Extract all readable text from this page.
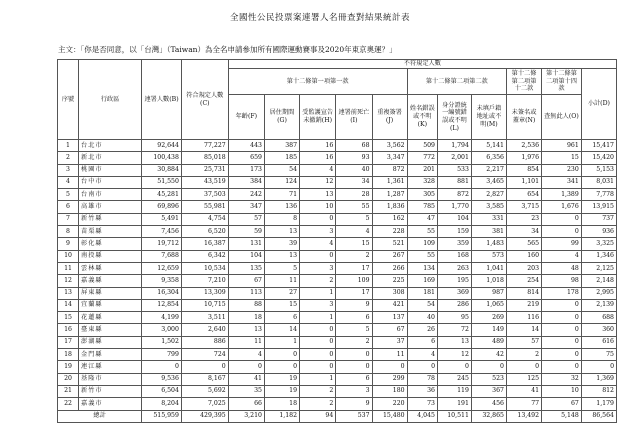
全國性公民投票案連署人名冊查對結果統計表
主文：「你是否同意，以「台灣」（Taiwan）為全名申請參加所有國際運動賽事及2020年東京奧運？」
序號	行政區	連署人數(B)	符合規定人數(C)	不符規定人數										
				第十二條第一項第一款					第十二條第二項第二款			第十二條第二項第十二款	第十二條第二項第十四款	小計(D)
				年齡(F)	居住期間(G)	受監護宣告未撤銷(H)	連署前死亡(I)	重複簽署(J)	姓名錯誤或不明(K)	身分證統一編號錯誤或不明(L)	未填戶籍地址或不明(M)	未簽名或蓋章(N)	查無此人(O)	
1	台北市	92,644	77,227	443	387	16	68	3,562	509	1,794	5,141	2,536	961	15,417
2	新北市	100,438	85,018	659	185	16	93	3,347	772	2,001	6,356	1,976	15	15,420
3	桃園市	30,884	25,731	173	54	4	40	872	201	533	2,217	854	230	5,153
4	台中市	51,550	43,519	384	124	12	34	1,361	328	881	3,465	1,101	341	8,031
5	台南市	45,281	37,503	242	71	13	28	1,287	305	872	2,827	654	1,389	7,778
6	高雄市	69,896	55,981	347	136	10	55	1,836	785	1,770	3,585	3,715	1,676	13,915
7	新竹縣	5,491	4,754	57	8	0	5	162	47	104	331	23	0	737
8	苗栗縣	7,456	6,520	59	13	3	4	228	55	159	381	34	0	936
9	彰化縣	19,712	16,387	131	39	4	15	521	109	359	1,483	565	99	3,325
10	南投縣	7,688	6,342	104	13	0	2	267	55	168	573	160	4	1,346
11	雲林縣	12,659	10,534	135	5	3	17	266	134	263	1,041	203	48	2,125
12	嘉義縣	9,358	7,210	67	11	2	109	225	169	195	1,018	254	98	2,148
13	屏東縣	16,304	13,309	113	27	1	17	308	181	369	987	814	178	2,995
14	宜蘭縣	12,854	10,715	88	15	3	9	421	54	286	1,065	219	0	2,139
15	花蓮縣	4,199	3,511	18	6	1	6	137	40	95	269	116	0	688
16	臺東縣	3,000	2,640	13	14	0	5	67	26	72	149	14	0	360
17	澎湖縣	1,502	886	11	1	0	2	37	6	13	489	57	0	616
18	金門縣	799	724	4	0	0	0	11	4	12	42	2	0	75
19	連江縣	0	0	0	0	0	0	0	0	0	0	0	0	0
20	基隆市	9,536	8,167	41	19	1	6	299	78	245	523	125	32	1,369
21	新竹市	6,504	5,692	35	19	2	3	180	36	119	367	41	10	812
22	嘉義市	8,204	7,025	66	18	2	9	220	73	191	456	77	67	1,179
總計		515,959	429,395	3,210	1,182	94	537	15,480	4,045	10,511	32,865	13,492	5,148	86,564
